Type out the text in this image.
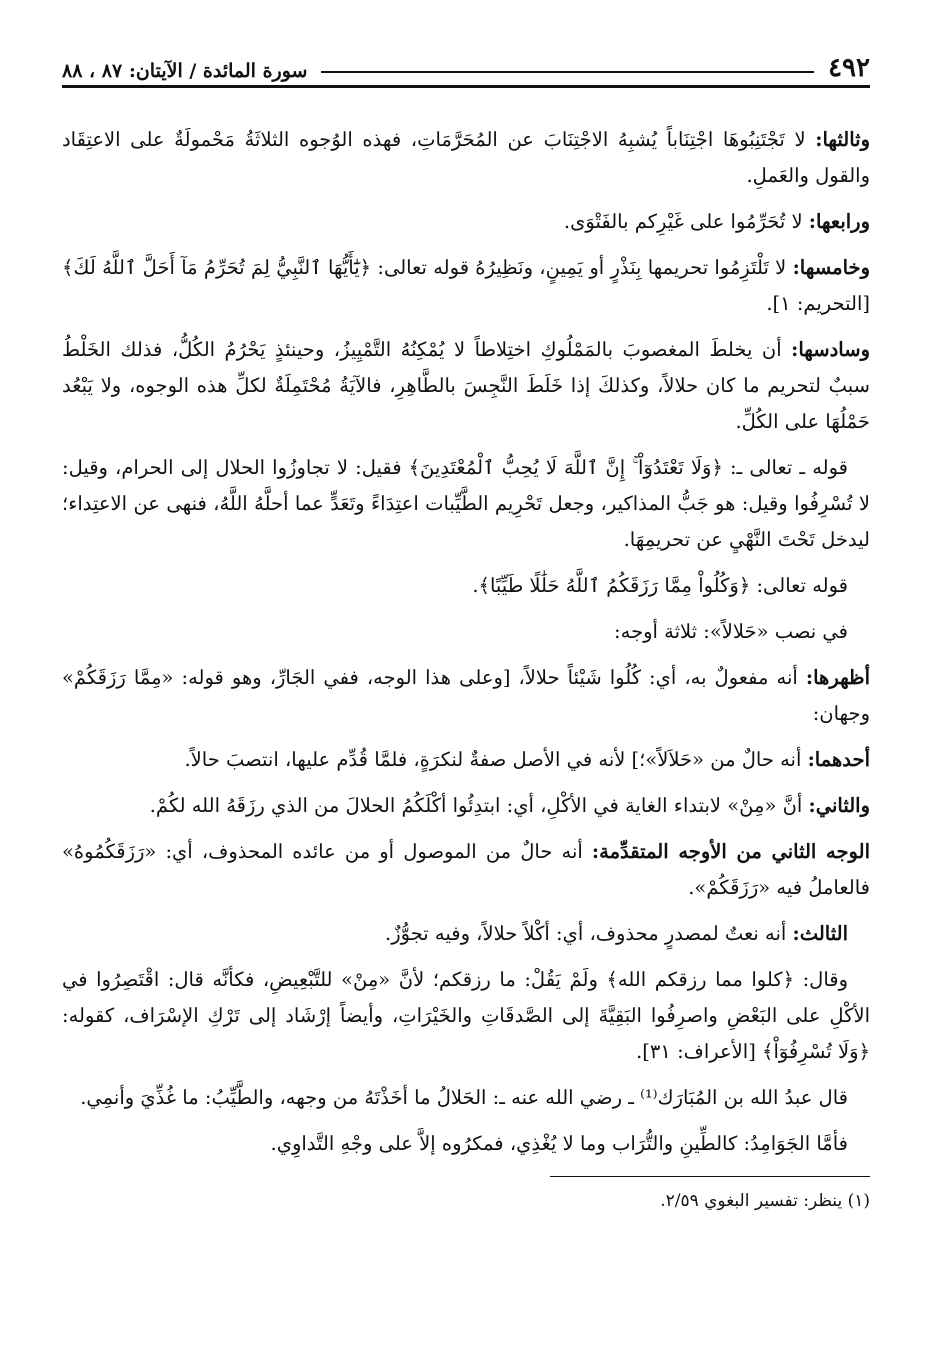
٤٩٢
سورة المائدة / الآيتان: ٨٧ ، ٨٨

وثالثها: لا تَجْتَنِبُوهَا اجْتِنَاباً يُشبِهُ الاجْتِنَابَ عن المُحَرَّمَاتِ، فهذه الوُجوه الثلاثَةُ مَحْمولَةٌ على الاعتِقَاد والقول والعَملِ.

ورابعها: لا تُحَرِّمُوا على غَيْرِكم بالفَتْوَى.

وخامسها: لا تَلْتَزِمُوا تحريمها بِنَذْرٍ أو يَمِينٍ، ونَظِيرُهُ قوله تعالى: ﴿يَٰٓأَيُّهَا ٱلنَّبِيُّ لِمَ تُحَرِّمُ مَآ أَحَلَّ ٱللَّهُ لَكَ﴾ [التحريم: ١].

وسادسها: أن يخلطَ المغصوبَ بالمَمْلُوكِ اختِلاطاً لا يُمْكِنُهُ التَّمْيِيزُ، وحينئذٍ يَحْرُمُ الكُلُّ، فذلك الخَلْطُ سببٌ لتحريم ما كان حلالاً، وكذلكَ إذا خَلَطَ النَّجِسَ بالطَّاهِرِ، فالآيَةُ مُحْتَمِلَةٌ لكلِّ هذه الوجوه، ولا يَبْعُد حَمْلُهَا على الكُلِّ.

قوله ـ تعالى ـ: ﴿وَلَا تَعْتَدُوٓاْ ۚ إِنَّ ٱللَّهَ لَا يُحِبُّ ٱلْمُعْتَدِينَ﴾ فقيل: لا تجاوزُوا الحلال إلى الحرام، وقيل: لا تُسْرِفُوا وقيل: هو جَبُّ المذاكير، وجعل تَحْرِيم الطَّيِّبات اعتِدَاءً وتَعَدٍّ عما أحلَّهُ اللَّهُ، فنهى عن الاعتِداء؛ ليدخل تَحْتَ النَّهْيِ عن تحريمِهَا.

قوله تعالى: ﴿وَكُلُواْ مِمَّا رَزَقَكُمُ ٱللَّهُ حَلَٰلًا طَيِّبًا﴾.

في نصب «حَلالاً»: ثلاثة أوجه:

أظهرها: أنه مفعولٌ به، أي: كُلُوا شَيْئاً حلالاً، [وعلى هذا الوجه، ففي الجَارِّ، وهو قوله: «مِمَّا رَزَقَكُمْ» وجهان:

أحدهما: أنه حالٌ من «حَلاَلاً»؛] لأنه في الأصل صفةٌ لنكرَةٍ، فلمَّا قُدِّم عليها، انتصبَ حالاً.

والثاني: أنَّ «مِنْ» لابتداء الغاية في الأكْلِ، أي: ابتدِئُوا أكْلَكُمُ الحلالَ من الذي رزَقَهُ الله لكُمْ.

الوجه الثاني من الأوجه المتقدِّمة: أنه حالٌ من الموصول أو من عائده المحذوف، أي: «رَزَقَكُمُوهُ» فالعاملُ فيه «رَزَقَكُمْ».

الثالث: أنه نعتٌ لمصدرٍ محذوف، أي: أكْلاً حلالاً، وفيه تجوُّزٌ.

وقال: ﴿كلوا مما رزقكم الله﴾ ولَمْ يَقُلْ: ما رزقكم؛ لأنَّ «مِنْ» للتَّبْعِيضِ، فكأنَّه قال: اقْتَصِرُوا في الأكْلِ على البَعْضِ واصرِفُوا البَقِيَّةَ إلى الصَّدقَاتِ والخَيْرَاتِ، وأيضاً إرْشَاد إلى تَرْكِ الإسْرَاف، كقوله: ﴿وَلَا تُسْرِفُوٓاْ﴾ [الأعراف: ٣١].

قال عبدُ الله بن المُبَارَك⁽¹⁾ ـ رضي الله عنه ـ: الحَلالُ ما أخَذْتَهُ من وجهه، والطَّيِّبُ: ما غُذِّيَ وأنمِي.

فأمَّا الجَوَامِدُ: كالطِّينِ والتُّرَاب وما لا يُغْذِي، فمكرُوه إلاَّ على وجْهِ التَّداوِي.

(١) ينظر: تفسير البغوي ٢/٥٩.
